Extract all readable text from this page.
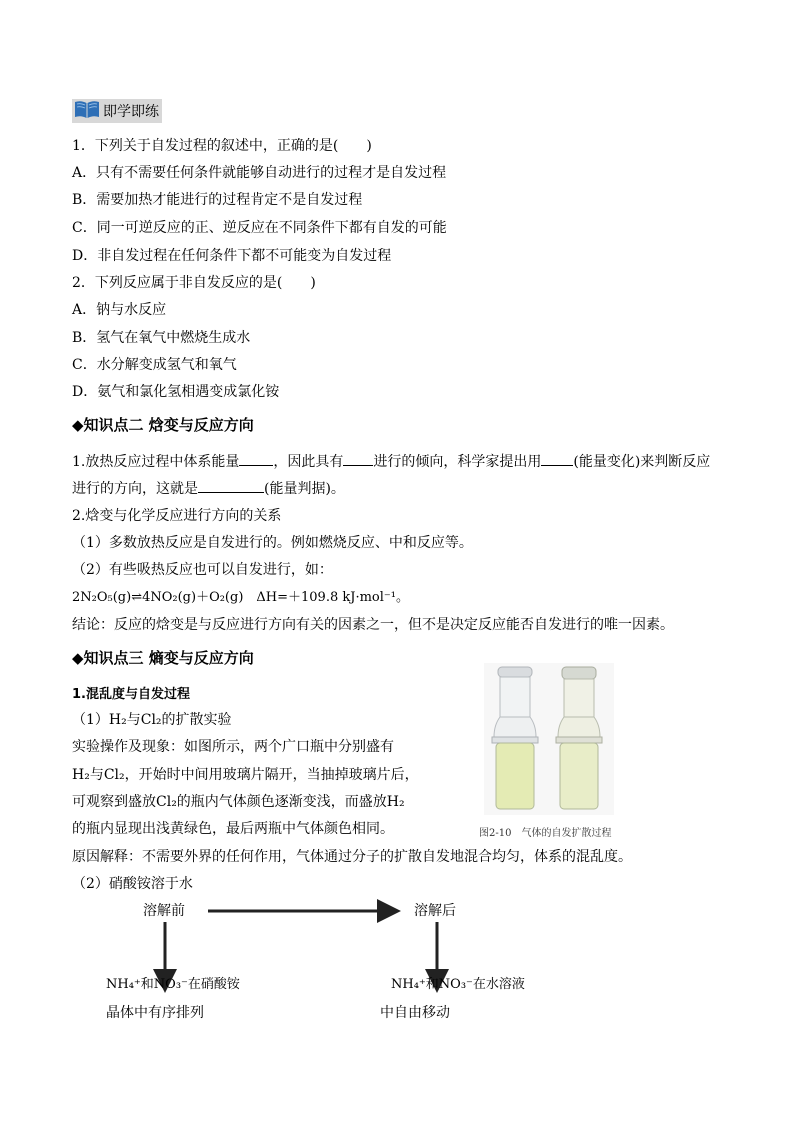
即学即练
1．下列关于自发过程的叙述中，正确的是(　　)
A．只有不需要任何条件就能够自动进行的过程才是自发过程
B．需要加热才能进行的过程肯定不是自发过程
C．同一可逆反应的正、逆反应在不同条件下都有自发的可能
D．非自发过程在任何条件下都不可能变为自发过程
2．下列反应属于非自发反应的是(　　)
A．钠与水反应
B．氢气在氧气中燃烧生成水
C．水分解变成氢气和氧气
D．氨气和氯化氢相遇变成氯化铵
◆知识点二 焓变与反应方向
1.放热反应过程中体系能量 ，因此具有 进行的倾向，科学家提出用 (能量变化)来判断反应
进行的方向，这就是	(能量判据)。
2.焓变与化学反应进行方向的关系
（1）多数放热反应是自发进行的。例如燃烧反应、中和反应等。
（2）有些吸热反应也可以自发进行，如：
2N₂O₅(g)⇌4NO₂(g)＋O₂(g)　ΔH=＋109.8 kJ·mol⁻¹。
结论：反应的焓变是与反应进行方向有关的因素之一，但不是决定反应能否自发进行的唯一因素。
◆知识点三 熵变与反应方向
1.混乱度与自发过程
（1）H₂与Cl₂的扩散实验
实验操作及现象：如图所示，两个广口瓶中分别盛有
H₂与Cl₂，开始时中间用玻璃片隔开，当抽掉玻璃片后，
可观察到盛放Cl₂的瓶内气体颜色逐渐变浅，而盛放H₂
的瓶内显现出浅黄绿色，最后两瓶中气体颜色相同。	图2-10　气体的自发扩散过程
原因解释：不需要外界的任何作用，气体通过分子的扩散自发地混合均匀，体系的混乱度。
（2）硝酸铵溶于水
溶解前	溶解后
NH₄⁺和NO₃⁻在硝酸铵
晶体中有序排列
NH₄⁺和NO₃⁻在水溶液
中自由移动
